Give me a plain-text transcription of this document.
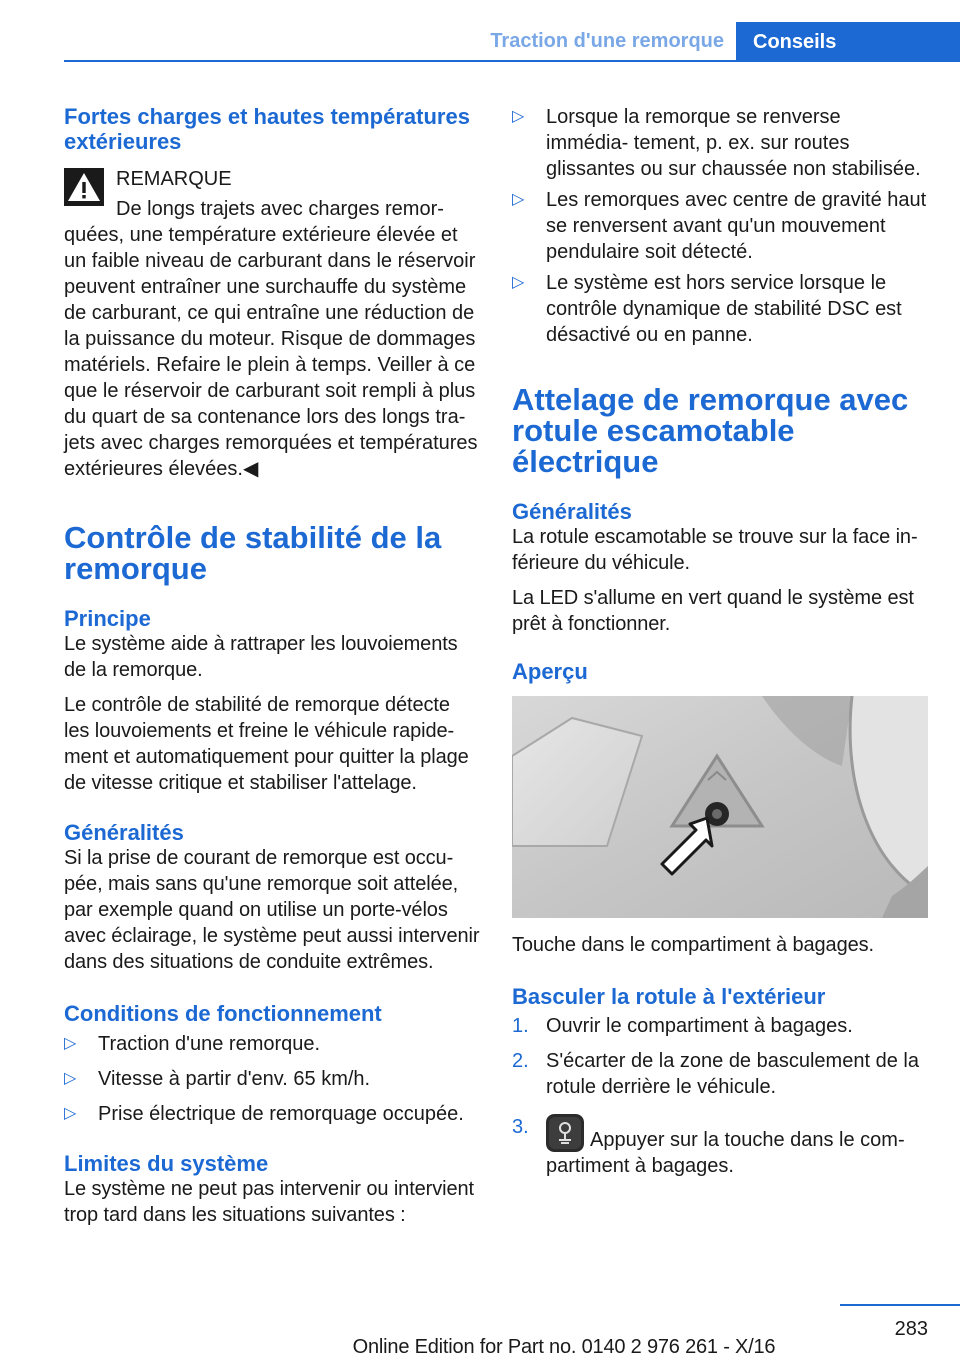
Traction d'une remorque	Conseils
Fortes charges et hautes températures extérieures
REMARQUE
De longs trajets avec charges remor-
quées, une température extérieure élevée et un faible niveau de carburant dans le réservoir peuvent entraîner une surchauffe du système de carburant, ce qui entraîne une réduction de la puissance du moteur. Risque de dommages matériels. Refaire le plein à temps. Veiller à ce que le réservoir de carburant soit rempli à plus du quart de sa contenance lors des longs tra- jets avec charges remorquées et températures extérieures élevées.◀
Contrôle de stabilité de la remorque
Principe

Le système aide à rattraper les louvoiements de la remorque.

Le contrôle de stabilité de remorque détecte les louvoiements et freine le véhicule rapide- ment et automatiquement pour quitter la plage de vitesse critique et stabiliser l'attelage.

Généralités

Si la prise de courant de remorque est occu- pée, mais sans qu'une remorque soit attelée, par exemple quand on utilise un porte-vélos avec éclairage, le système peut aussi intervenir dans des situations de conduite extrêmes.

Conditions de fonctionnement
▷ Traction d'une remorque.
▷ Vitesse à partir d'env. 65 km/h.
▷ Prise électrique de remorquage occupée.
Limites du système

Le système ne peut pas intervenir ou intervient trop tard dans les situations suivantes :

▷ Lorsque la remorque se renverse immédia- tement, p. ex. sur routes glissantes ou sur chaussée non stabilisée.
▷ Les remorques avec centre de gravité haut se renversent avant qu'un mouvement pendulaire soit détecté.
▷ Le système est hors service lorsque le contrôle dynamique de stabilité DSC est désactivé ou en panne.
Attelage de remorque avec rotule escamotable électrique
Généralités

La rotule escamotable se trouve sur la face in- férieure du véhicule.

La LED s'allume en vert quand le système est prêt à fonctionner.

Aperçu

Touche dans le compartiment à bagages.

Basculer la rotule à l'extérieur
1. Ouvrir le compartiment à bagages.
2. S'écarter de la zone de basculement de la rotule derrière le véhicule.
3.
Appuyer sur la touche dans le com- partiment à bagages.
283
Online Edition for Part no. 0140 2 976 261 - X/16
